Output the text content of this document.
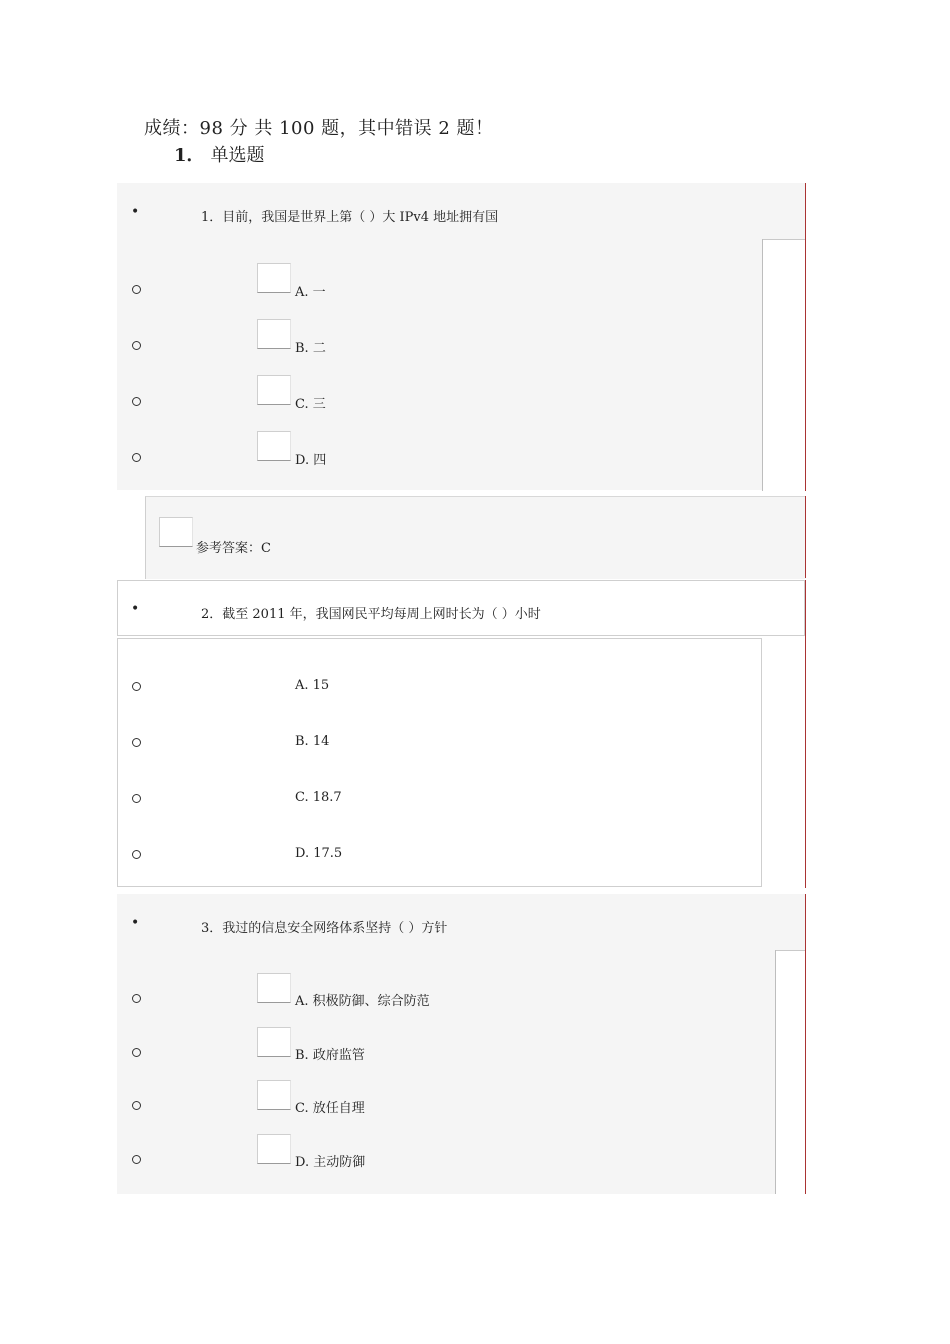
成绩：98 分 共 100 题，其中错误 2 题！
1． 单选题
•	1．目前，我国是世界上第（ ）大 IPv4 地址拥有国
A. 一
B. 二
C. 三
D. 四
参考答案：C
•	2．截至 2011 年，我国网民平均每周上网时长为（ ）小时
A. 15
B. 14
C. 18.7
D. 17.5
•	3．我过的信息安全网络体系坚持（ ）方针
A. 积极防御、综合防范
B. 政府监管
C. 放任自理
D. 主动防御
